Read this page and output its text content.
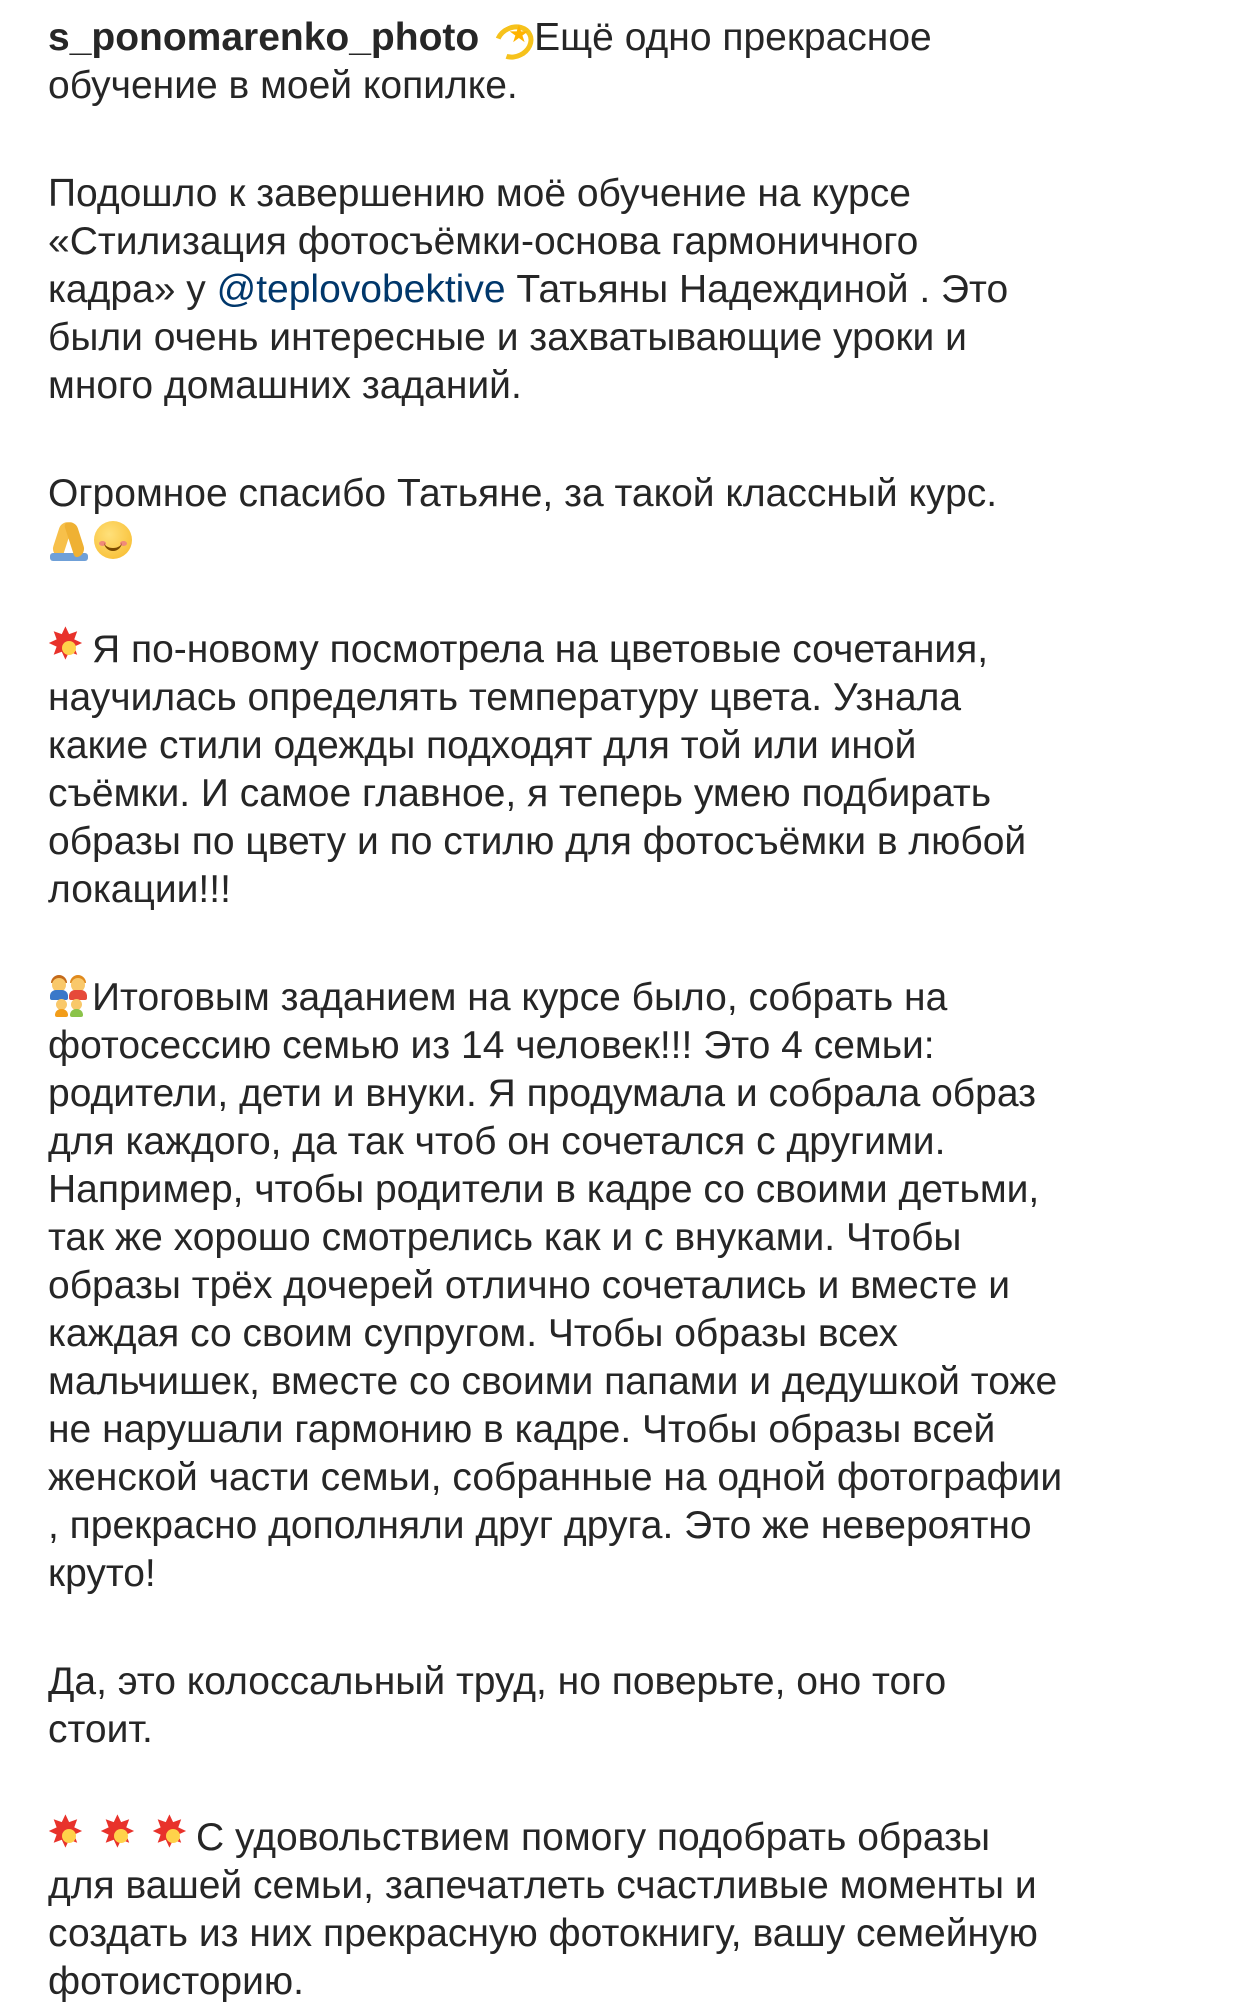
s_ponomarenko_photo ★ Ещё одно прекрасное
обучение в моей копилке.
Подошло к завершению моё обучение на курсе
«Стилизация фотосъёмки-основа гармоничного
кадра» у @teplovobektive Татьяны Надеждиной . Это
были очень интересные и захватывающие уроки и
много домашних заданий.
Огромное спасибо Татьяне, за такой классный курс.
✸Я по-новому посмотрела на цветовые сочетания,
научилась определять температуру цвета. Узнала
какие стили одежды подходят для той или иной
съёмки. И самое главное, я теперь умею подбирать
образы по цвету и по стилю для фотосъёмки в любой
локации!!!
Итоговым заданием на курсе было, собрать на
фотосессию семью из 14 человек!!! Это 4 семьи:
родители, дети и внуки. Я продумала и собрала образ
для каждого, да так чтоб он сочетался с другими.
Например, чтобы родители в кадре со своими детьми,
так же хорошо смотрелись как и с внуками. Чтобы
образы трёх дочерей отлично сочетались и вместе и
каждая со своим супругом. Чтобы образы всех
мальчишек, вместе со своими папами и дедушкой тоже
не нарушали гармонию в кадре. Чтобы образы всей
женской части семьи, собранные на одной фотографии
, прекрасно дополняли друг друга. Это же невероятно
круто!
Да, это колоссальный труд, но поверьте, оно того
стоит.
✸✸✸С удовольствием помогу подобрать образы
для вашей семьи, запечатлеть счастливые моменты и
создать из них прекрасную фотокнигу, вашу семейную
фотоисторию.
